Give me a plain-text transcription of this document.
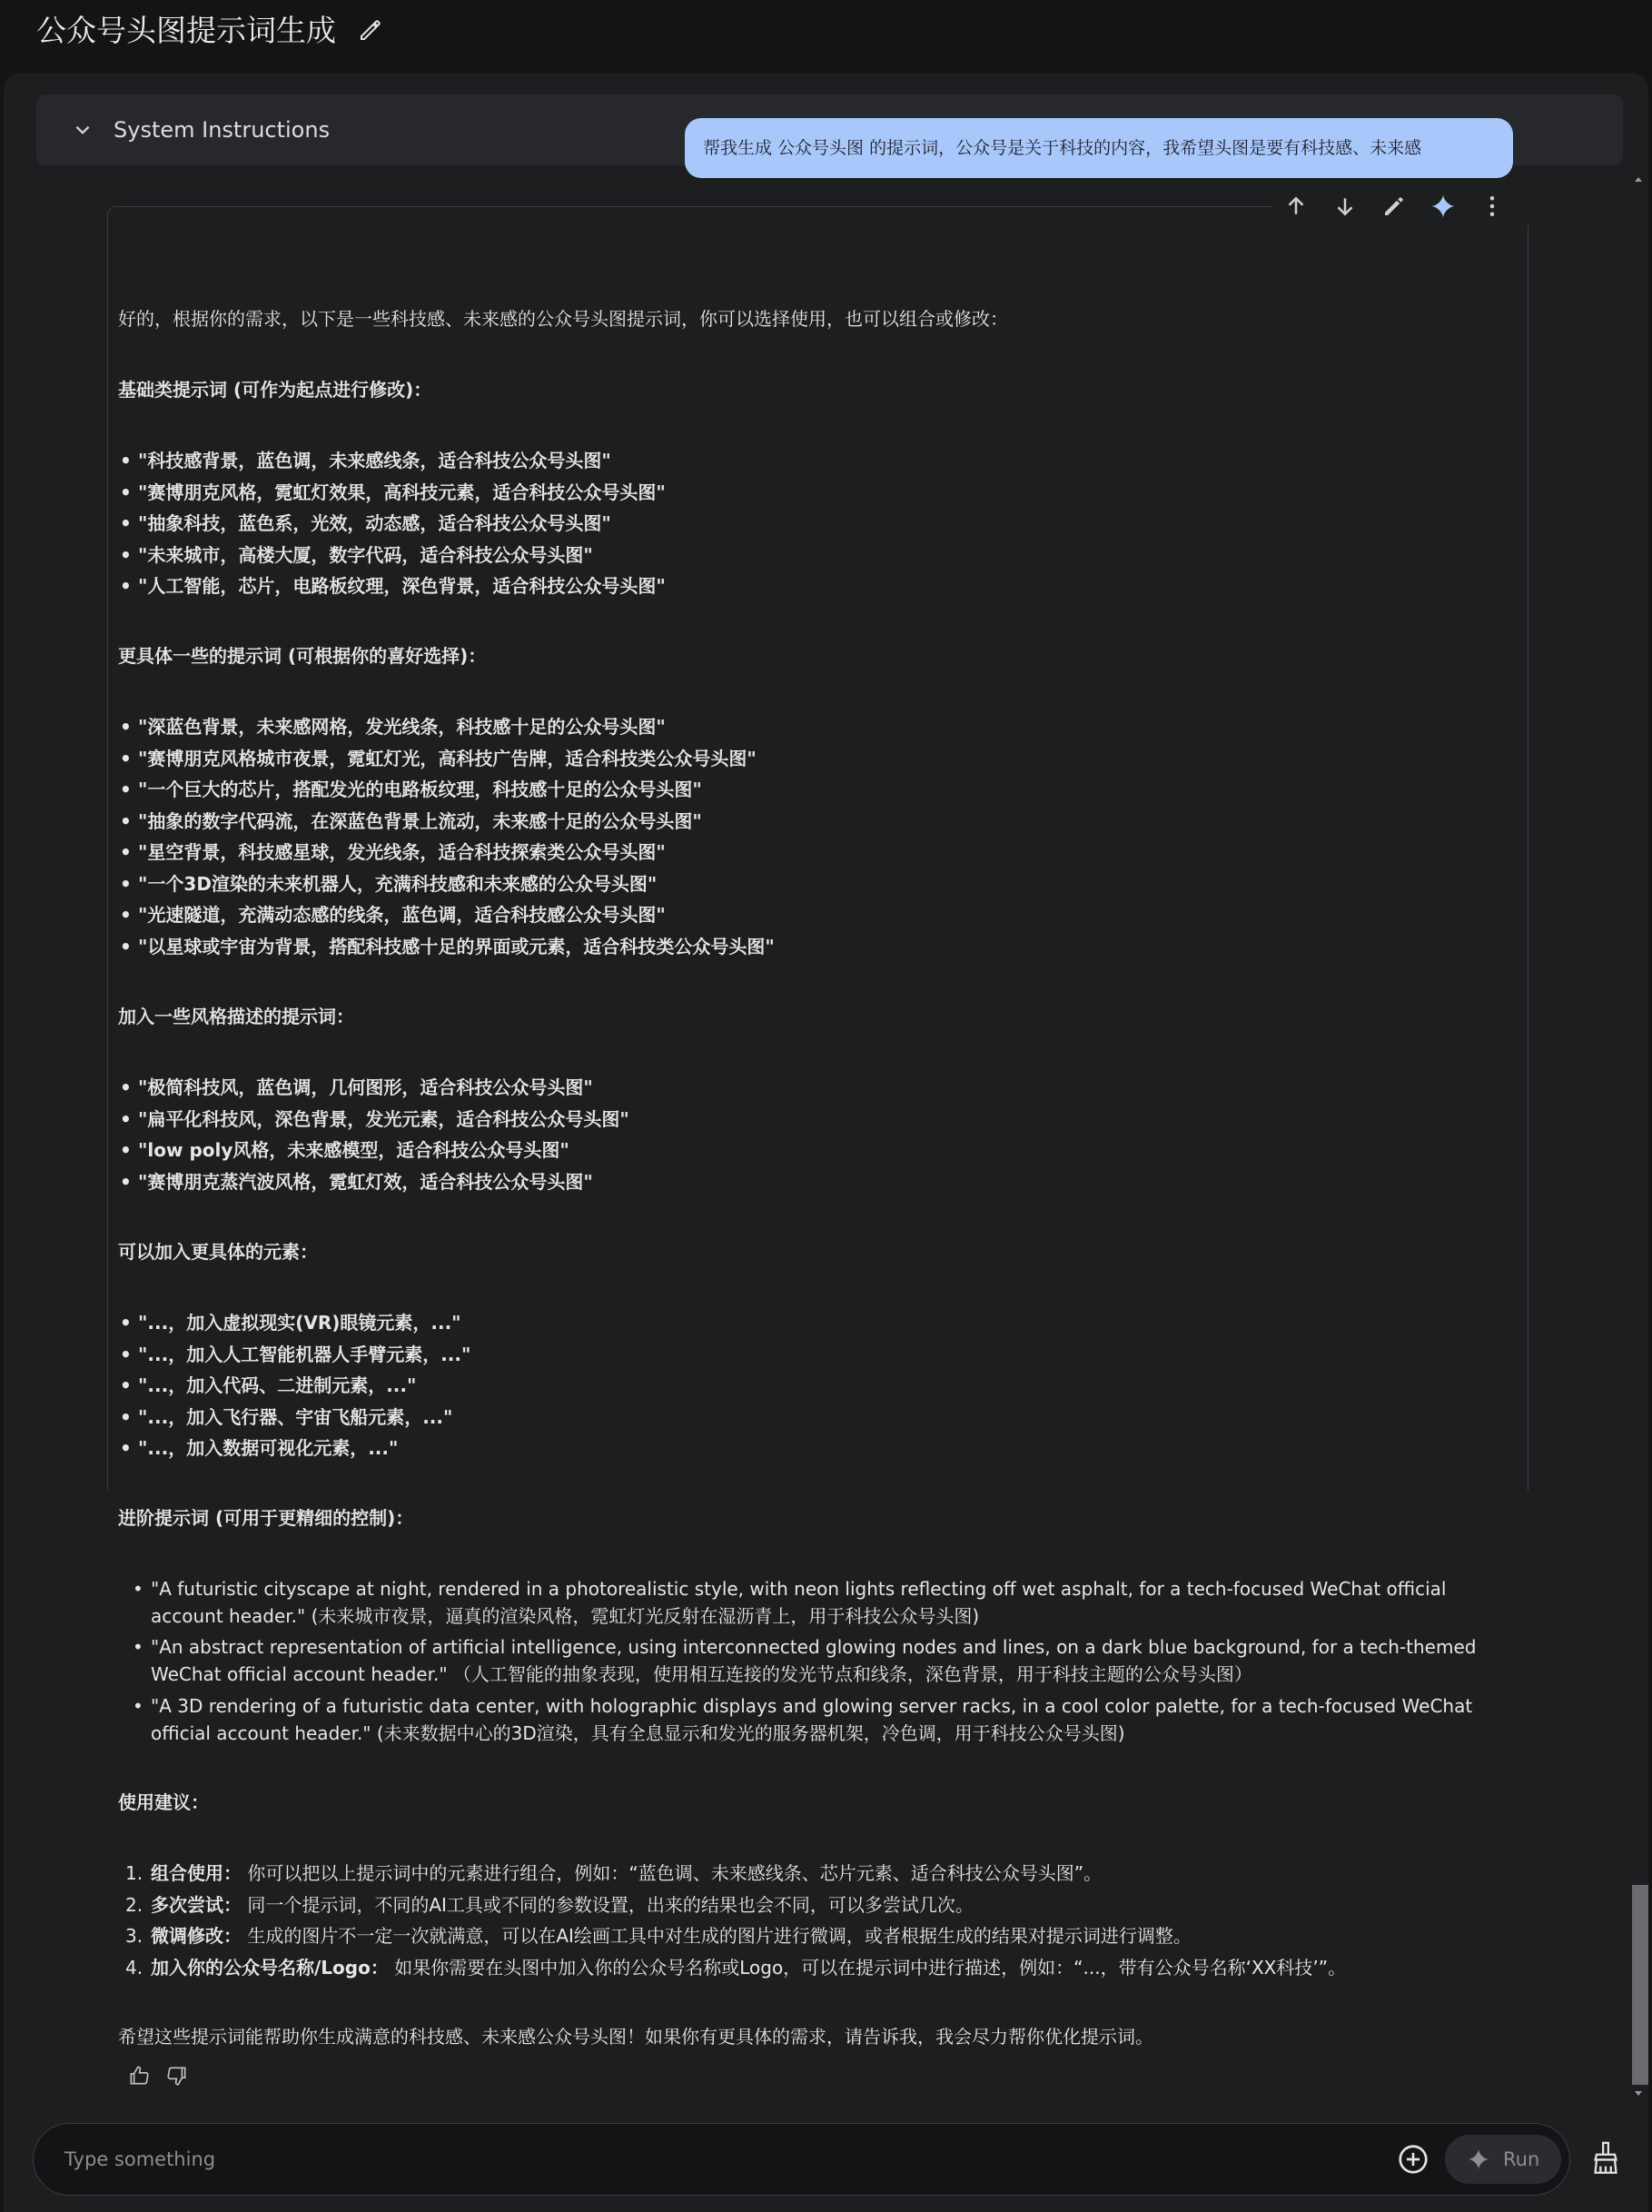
公众号头图提示词生成
System Instructions
帮我生成 公众号头图 的提示词，公众号是关于科技的内容，我希望头图是要有科技感、未来感
好的，根据你的需求，以下是一些科技感、未来感的公众号头图提示词，你可以选择使用，也可以组合或修改：
基础类提示词 (可作为起点进行修改)：
• "科技感背景，蓝色调，未来感线条，适合科技公众号头图"
• "赛博朋克风格，霓虹灯效果，高科技元素，适合科技公众号头图"
• "抽象科技，蓝色系，光效，动态感，适合科技公众号头图"
• "未来城市，高楼大厦，数字代码，适合科技公众号头图"
• "人工智能，芯片，电路板纹理，深色背景，适合科技公众号头图"
更具体一些的提示词 (可根据你的喜好选择)：
• "深蓝色背景，未来感网格，发光线条，科技感十足的公众号头图"
• "赛博朋克风格城市夜景，霓虹灯光，高科技广告牌，适合科技类公众号头图"
• "一个巨大的芯片，搭配发光的电路板纹理，科技感十足的公众号头图"
• "抽象的数字代码流，在深蓝色背景上流动，未来感十足的公众号头图"
• "星空背景，科技感星球，发光线条，适合科技探索类公众号头图"
• "一个3D渲染的未来机器人，充满科技感和未来感的公众号头图"
• "光速隧道，充满动态感的线条，蓝色调，适合科技感公众号头图"
• "以星球或宇宙为背景，搭配科技感十足的界面或元素，适合科技类公众号头图"
加入一些风格描述的提示词：
• "极简科技风，蓝色调，几何图形，适合科技公众号头图"
• "扁平化科技风，深色背景，发光元素，适合科技公众号头图"
• "low poly风格，未来感模型，适合科技公众号头图"
• "赛博朋克蒸汽波风格，霓虹灯效，适合科技公众号头图"
可以加入更具体的元素：
• "...，加入虚拟现实(VR)眼镜元素，..."
• "...，加入人工智能机器人手臂元素，..."
• "...，加入代码、二进制元素，..."
• "...，加入飞行器、宇宙飞船元素，..."
• "...，加入数据可视化元素，..."
进阶提示词 (可用于更精细的控制)：
• "A futuristic cityscape at night, rendered in a photorealistic style, with neon lights reflecting off wet asphalt, for a tech-focused WeChat official account header." (未来城市夜景，逼真的渲染风格，霓虹灯光反射在湿沥青上，用于科技公众号头图)
• "An abstract representation of artificial intelligence, using interconnected glowing nodes and lines, on a dark blue background, for a tech-themed WeChat official account header." （人工智能的抽象表现，使用相互连接的发光节点和线条，深色背景，用于科技主题的公众号头图）
• "A 3D rendering of a futuristic data center, with holographic displays and glowing server racks, in a cool color palette, for a tech-focused WeChat official account header." (未来数据中心的3D渲染，具有全息显示和发光的服务器机架，冷色调，用于科技公众号头图)
使用建议：
1. 组合使用： 你可以把以上提示词中的元素进行组合，例如：“蓝色调、未来感线条、芯片元素、适合科技公众号头图”。
2. 多次尝试： 同一个提示词，不同的AI工具或不同的参数设置，出来的结果也会不同，可以多尝试几次。
3. 微调修改： 生成的图片不一定一次就满意，可以在AI绘画工具中对生成的图片进行微调，或者根据生成的结果对提示词进行调整。
4. 加入你的公众号名称/Logo： 如果你需要在头图中加入你的公众号名称或Logo，可以在提示词中进行描述，例如：“...，带有公众号名称‘XX科技’”。
希望这些提示词能帮助你生成满意的科技感、未来感公众号头图！如果你有更具体的需求，请告诉我，我会尽力帮你优化提示词。
Type something	Run
